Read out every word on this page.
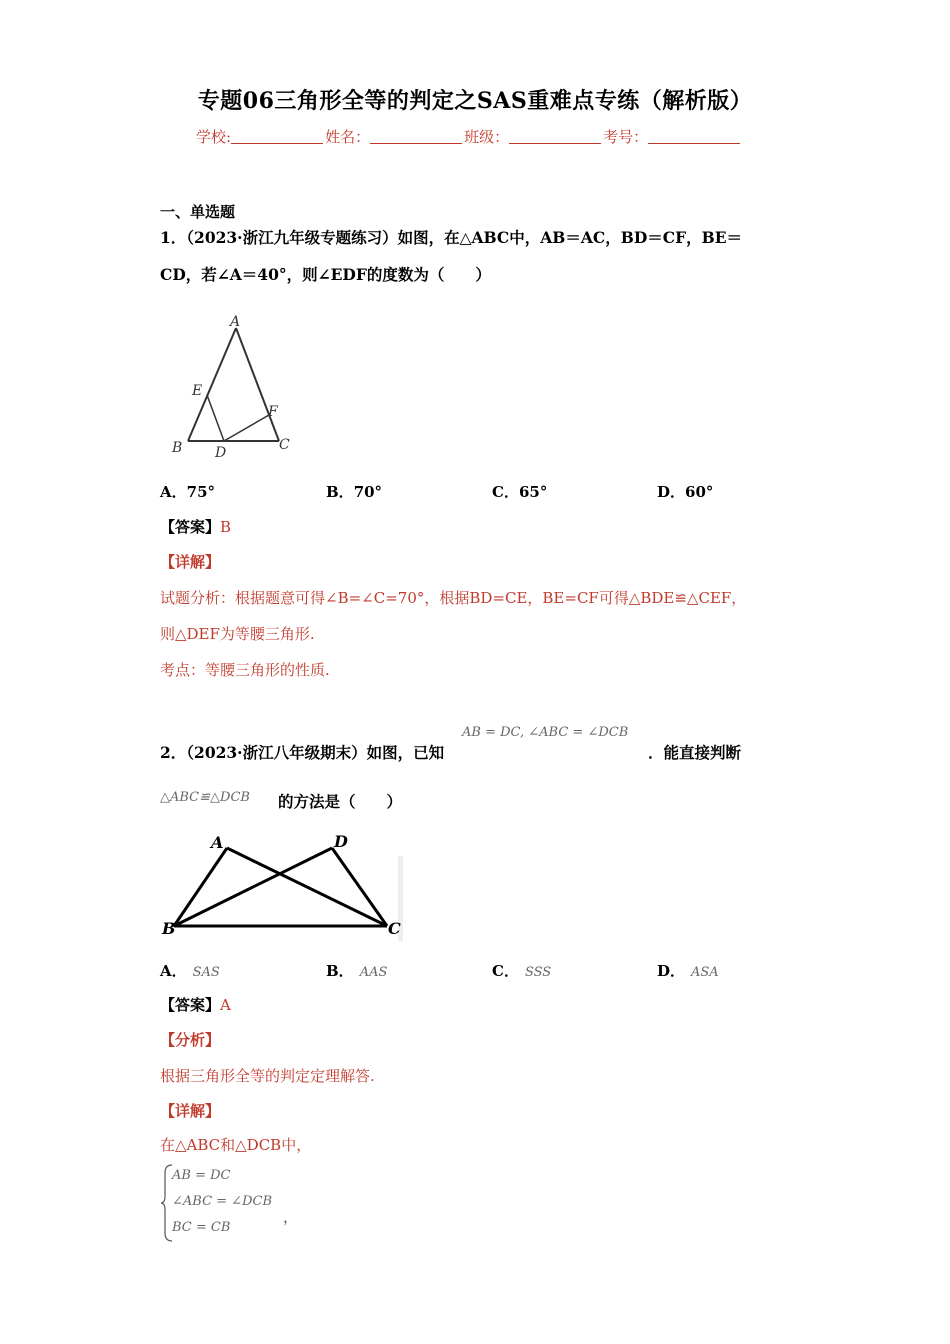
专题06三角形全等的判定之SAS重难点专练（解析版）
学校:	姓名：	班级：	考号：
一、单选题
1．（2023·浙江九年级专题练习）如图，在△ABC中，AB＝AC，BD＝CF，BE＝
CD，若∠A＝40°，则∠EDF的度数为（　　）
A
B	C
D
E
F
A．75°	B．70°	C．65°	D．60°
【答案】B
【详解】
试题分析：根据题意可得∠B=∠C=70°，根据BD=CE，BE=CF可得△BDE≌△CEF，
则△DEF为等腰三角形.
考点：等腰三角形的性质.
2．（2023·浙江八年级期末）如图，已知
AB = DC, ∠ABC = ∠DCB
．能直接判断
△ABC≌△DCB 的方法是（　　）
A
B	C
D
A． SAS	B． AAS	C． SSS	D． ASA
【答案】A
【分析】
根据三角形全等的判定定理解答.
【详解】
在△ABC和△DCB中，
AB = DC
∠ABC = ∠DCB
BC = CB
，
